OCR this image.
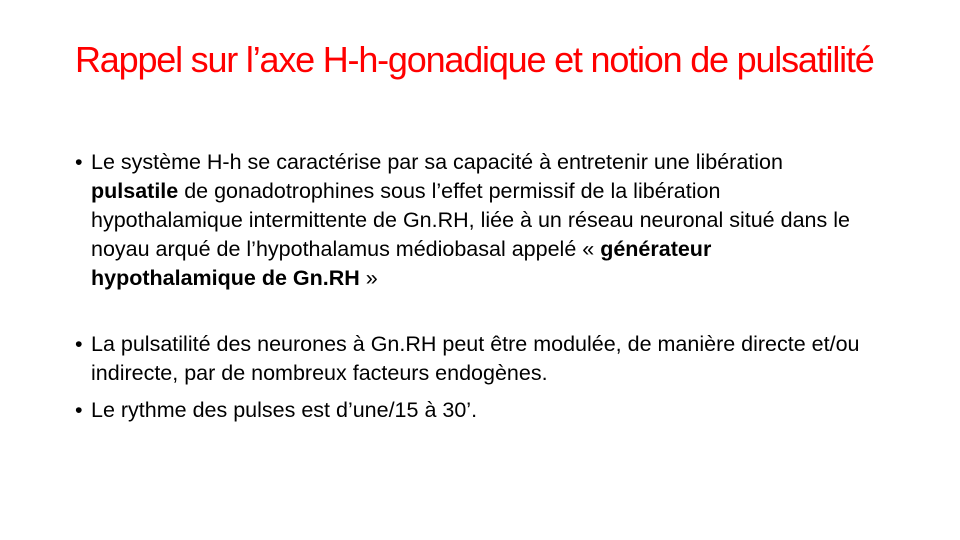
Rappel sur l’axe H-h-gonadique et notion de pulsatilité
• Le système H-h se caractérise par sa capacité à entretenir une libération pulsatile de gonadotrophines sous l’effet permissif de la libération hypothalamique intermittente de Gn.RH, liée à un réseau neuronal situé dans le noyau arqué de l’hypothalamus médiobasal appelé « générateur hypothalamique de Gn.RH »
• La pulsatilité des neurones à Gn.RH peut être modulée, de manière directe et/ou indirecte, par de nombreux facteurs endogènes.
• Le rythme des pulses est d’une/15 à 30’.
